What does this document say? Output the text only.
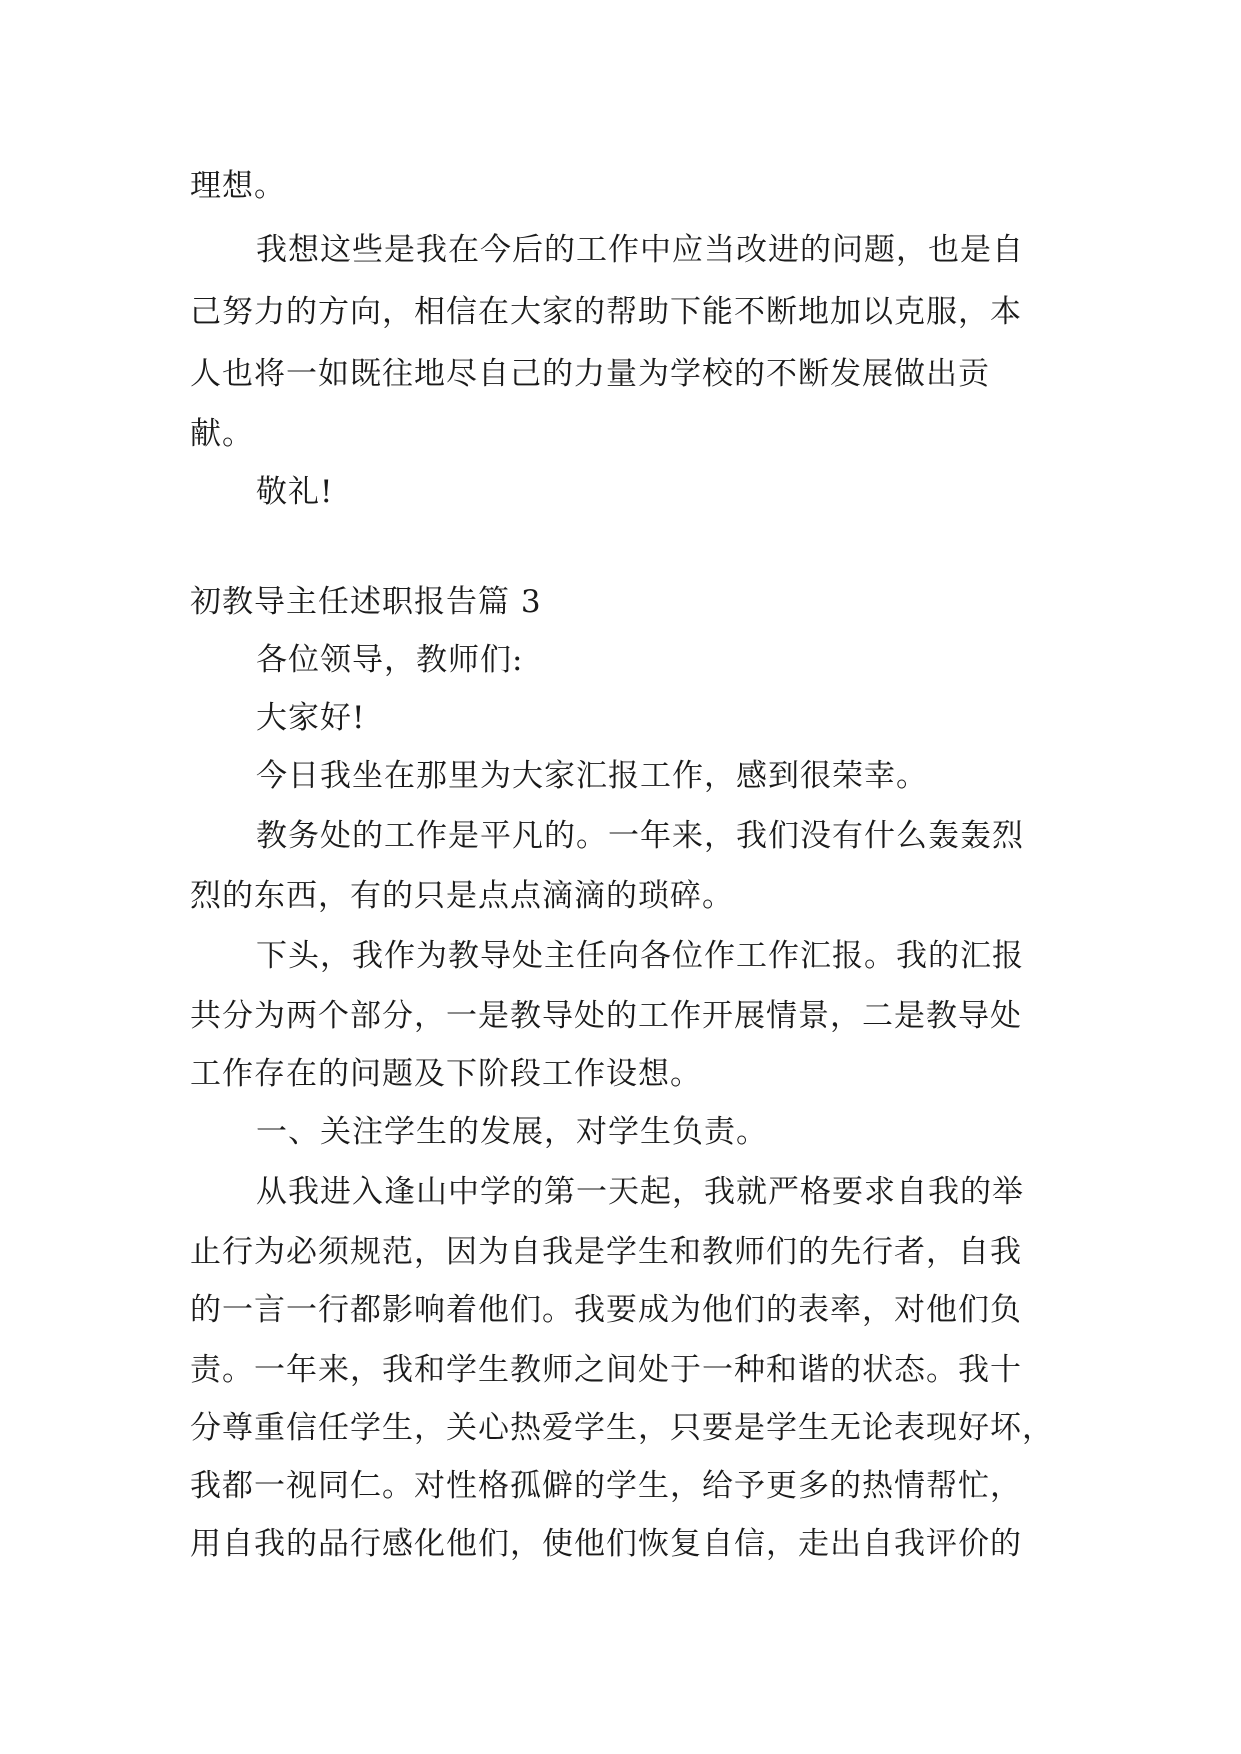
理想。
我想这些是我在今后的工作中应当改进的问题，也是自
己努力的方向，相信在大家的帮助下能不断地加以克服，本
人也将一如既往地尽自己的力量为学校的不断发展做出贡
献。
敬礼!
初教导主任述职报告篇 3
各位领导，教师们:
大家好!
今日我坐在那里为大家汇报工作，感到很荣幸。
教务处的工作是平凡的。一年来，我们没有什么轰轰烈
烈的东西，有的只是点点滴滴的琐碎。
下头，我作为教导处主任向各位作工作汇报。我的汇报
共分为两个部分，一是教导处的工作开展情景，二是教导处
工作存在的问题及下阶段工作设想。
一、关注学生的发展，对学生负责。
从我进入逢山中学的第一天起，我就严格要求自我的举
止行为必须规范，因为自我是学生和教师们的先行者，自我
的一言一行都影响着他们。我要成为他们的表率，对他们负
责。一年来，我和学生教师之间处于一种和谐的状态。我十
分尊重信任学生，关心热爱学生，只要是学生无论表现好坏，
我都一视同仁。对性格孤僻的学生，给予更多的热情帮忙，
用自我的品行感化他们，使他们恢复自信，走出自我评价的
